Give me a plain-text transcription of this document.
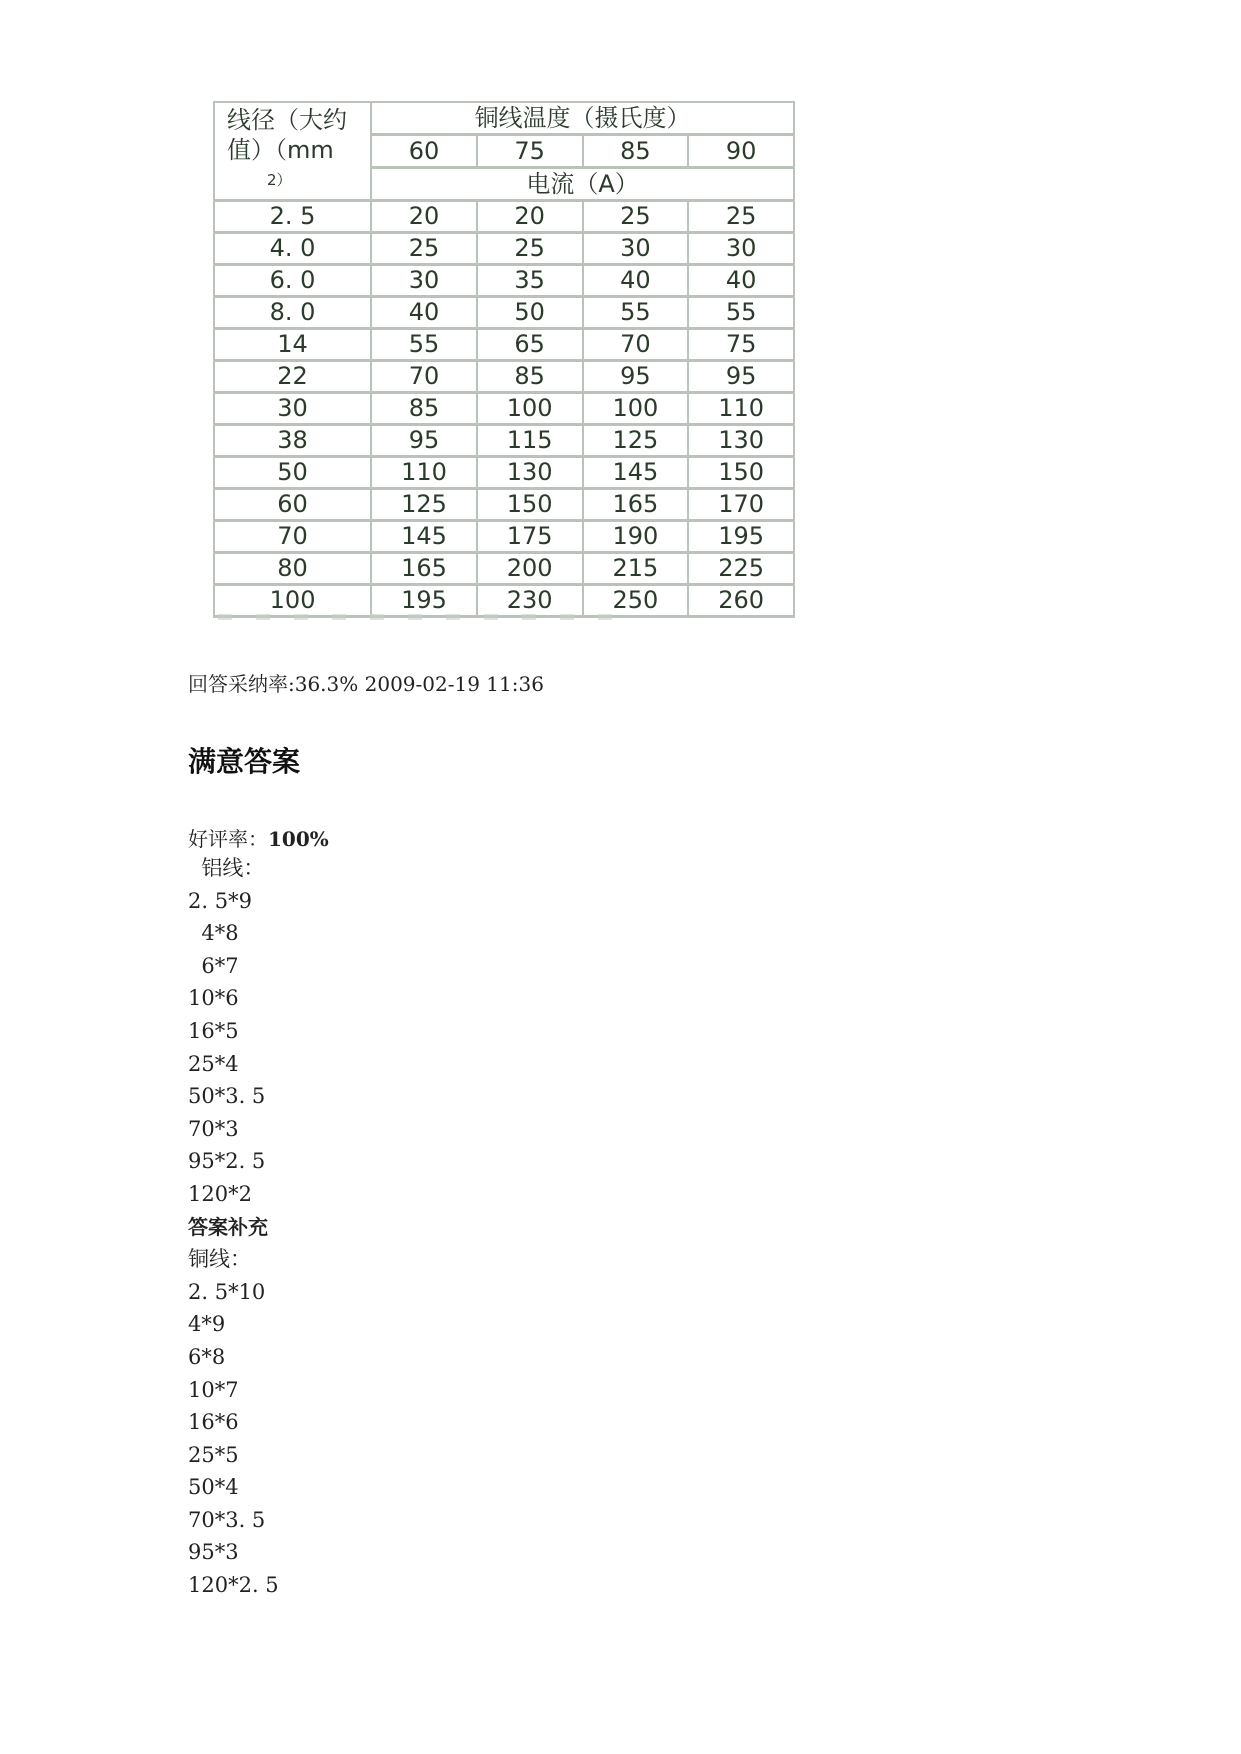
线径（大约
值）（mm
2）	铜线温度（摄氏度）			
	60	75	85	90
	电流（A）			
2. 5	20	20	25	25
4. 0	25	25	30	30
6. 0	30	35	40	40
8. 0	40	50	55	55
14	55	65	70	75
22	70	85	95	95
30	85	100	100	110
38	95	115	125	130
50	110	130	145	150
60	125	150	165	170
70	145	175	190	195
80	165	200	215	225
100	195	230	250	260
回答采纳率:36.3% 2009-02-19 11:36
满意答案
好评率：100%
铝线：
2. 5*9
4*8
6*7
10*6
16*5
25*4
50*3. 5
70*3
95*2. 5
120*2
答案补充
铜线：
2. 5*10
4*9
6*8
10*7
16*6
25*5
50*4
70*3. 5
95*3
120*2. 5
